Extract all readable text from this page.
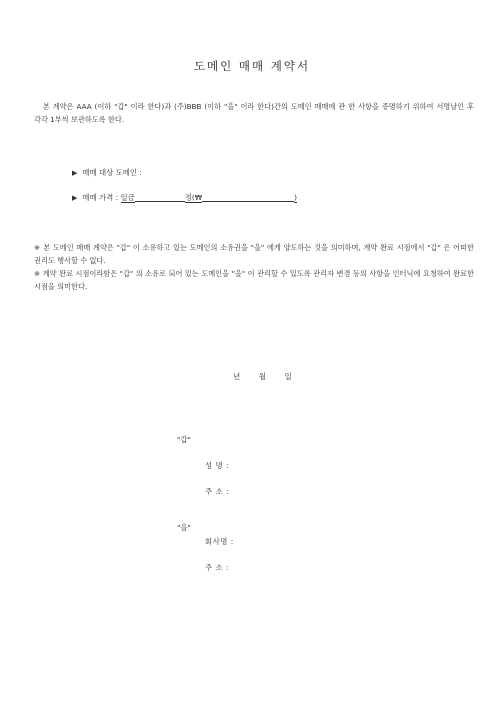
도메인 매매 계약서
본 계약은 AAA (이하 "갑" 이라 한다)과 (주)BBB (이하 "을" 이라 한다)간의 도메인 매매에 관 한 사항을 증명하기 위하여 서명날인 후 각각 1부씩 보관하도록 한다.
▶ 매매 대상 도메인 :
▶ 매매 가격 : 일금	정(₩	)
※ 본 도메인 매매 계약은 "갑" 이 소유하고 있는 도메인의 소유권을 "을" 에게 양도하는 것을 의미하며, 계약 완료 시점에서 "갑" 은 어떠한 권리도 행사할 수 없다.
※ 계약 완료 시점이라함은 "갑" 의 소유로 되어 있는 도메인을 "을" 이 관리할 수 있도록 관리자 변경 등의 사항을 인터닉에 요청하여 완료한 시점을 의미한다.
년 월 일
"갑"
성 명 :
주 소 :
"을"
회사명 :
주 소 :
